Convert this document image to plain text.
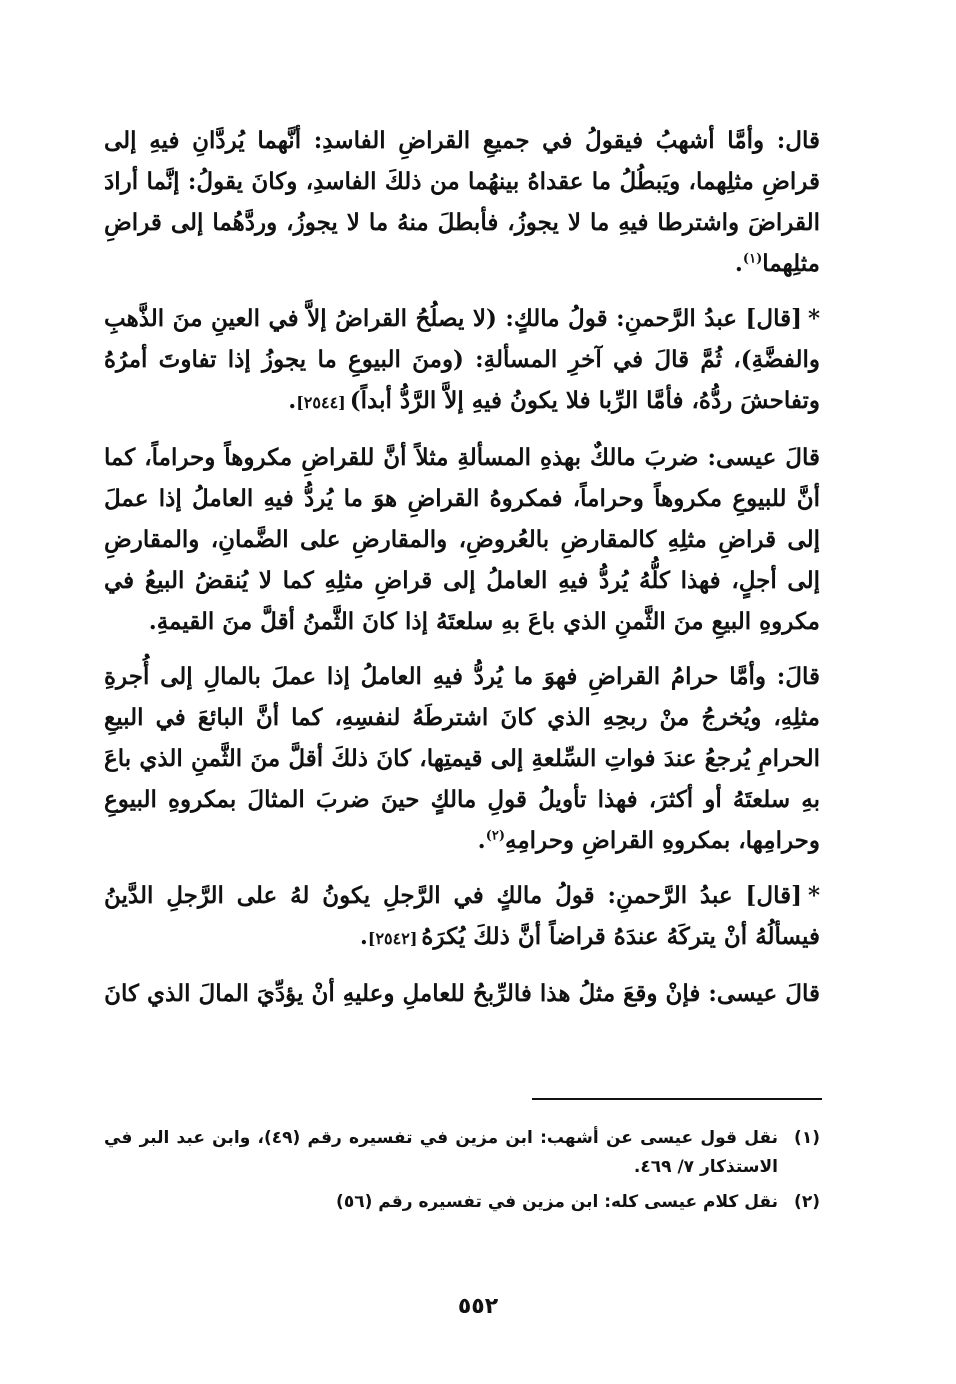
قال: وأمَّا أشهبُ فيقولُ في جميعِ القراضِ الفاسدِ: أنَّهما يُردَّانِ فيهِ إلى قراضِ مثلِهما، ويَبطُلُ ما عقداهُ بينهُما من ذلكَ الفاسدِ، وكانَ يقولُ: إنَّما أرادَ القراضَ واشترطا فيهِ ما لا يجوزُ، فأبطلَ منهُ ما لا يجوزُ، وردَّهُما إلى قراضِ مثلِهما$^{(١)}$.

*[قال] عبدُ الرَّحمنِ: قولُ مالكٍ: (لا يصلُحُ القراضُ إلاَّ في العينِ منَ الذَّهبِ والفضَّةِ)، ثُمَّ قالَ في آخرِ المسألةِ: (ومنَ البيوعِ ما يجوزُ إذا تفاوتَ أمرُهُ وتفاحشَ ردُّهُ، فأمَّا الرِّبا فلا يكونُ فيهِ إلاَّ الرَّدُّ أبداً)[٢٥٤٤].

قالَ عيسى: ضربَ مالكٌ بهذهِ المسألةِ مثلاً أنَّ للقراضِ مكروهاً وحراماً، كما أنَّ للبيوعِ مكروهاً وحراماً، فمكروهُ القراضِ هوَ ما يُردُّ فيهِ العاملُ إذا عملَ إلى قراضِ مثلِهِ كالمقارضِ بالعُروضِ، والمقارضِ على الضَّمانِ، والمقارضِ إلى أجلٍ، فهذا كلُّهُ يُردُّ فيهِ العاملُ إلى قراضِ مثلِهِ كما لا يُنقضُ البيعُ في مكروهِ البيعِ منَ الثَّمنِ الذي باعَ بهِ سلعتَهُ إذا كانَ الثَّمنُ أقلَّ منَ القيمةِ.

قالَ: وأمَّا حرامُ القراضِ فهوَ ما يُردُّ فيهِ العاملُ إذا عملَ بالمالِ إلى أُجرةِ مثلِهِ، ويُخرجُ منْ ربحِهِ الذي كانَ اشترطَهُ لنفسِهِ، كما أنَّ البائعَ في البيعِ الحرامِ يُرجعُ عندَ فواتِ السِّلعةِ إلى قيمتِها، كانَ ذلكَ أقلَّ منَ الثَّمنِ الذي باعَ بهِ سلعتَهُ أو أكثرَ، فهذا تأويلُ قولِ مالكٍ حينَ ضربَ المثالَ بمكروهِ البيوعِ وحرامِها، بمكروهِ القراضِ وحرامِهِ$^{(٢)}$.

*[قال] عبدُ الرَّحمنِ: قولُ مالكٍ في الرَّجلِ يكونُ لهُ على الرَّجلِ الدَّينُ فيسألُهُ أنْ يتركَهُ عندَهُ قراضاً أنَّ ذلكَ يُكرَهُ[٢٥٤٢].

قالَ عيسى: فإنْ وقعَ مثلُ هذا فالرِّبحُ للعاملِ وعليهِ أنْ يؤدِّيَ المالَ الذي كانَ

(١)
نقل قول عيسى عن أشهب: ابن مزين في تفسيره رقم (٤٩)، وابن عبد البر في الاستذكار ٧/ ٤٦٩.
(٢)
نقل كلام عيسى كله: ابن مزين في تفسيره رقم (٥٦)
٥٥٢
